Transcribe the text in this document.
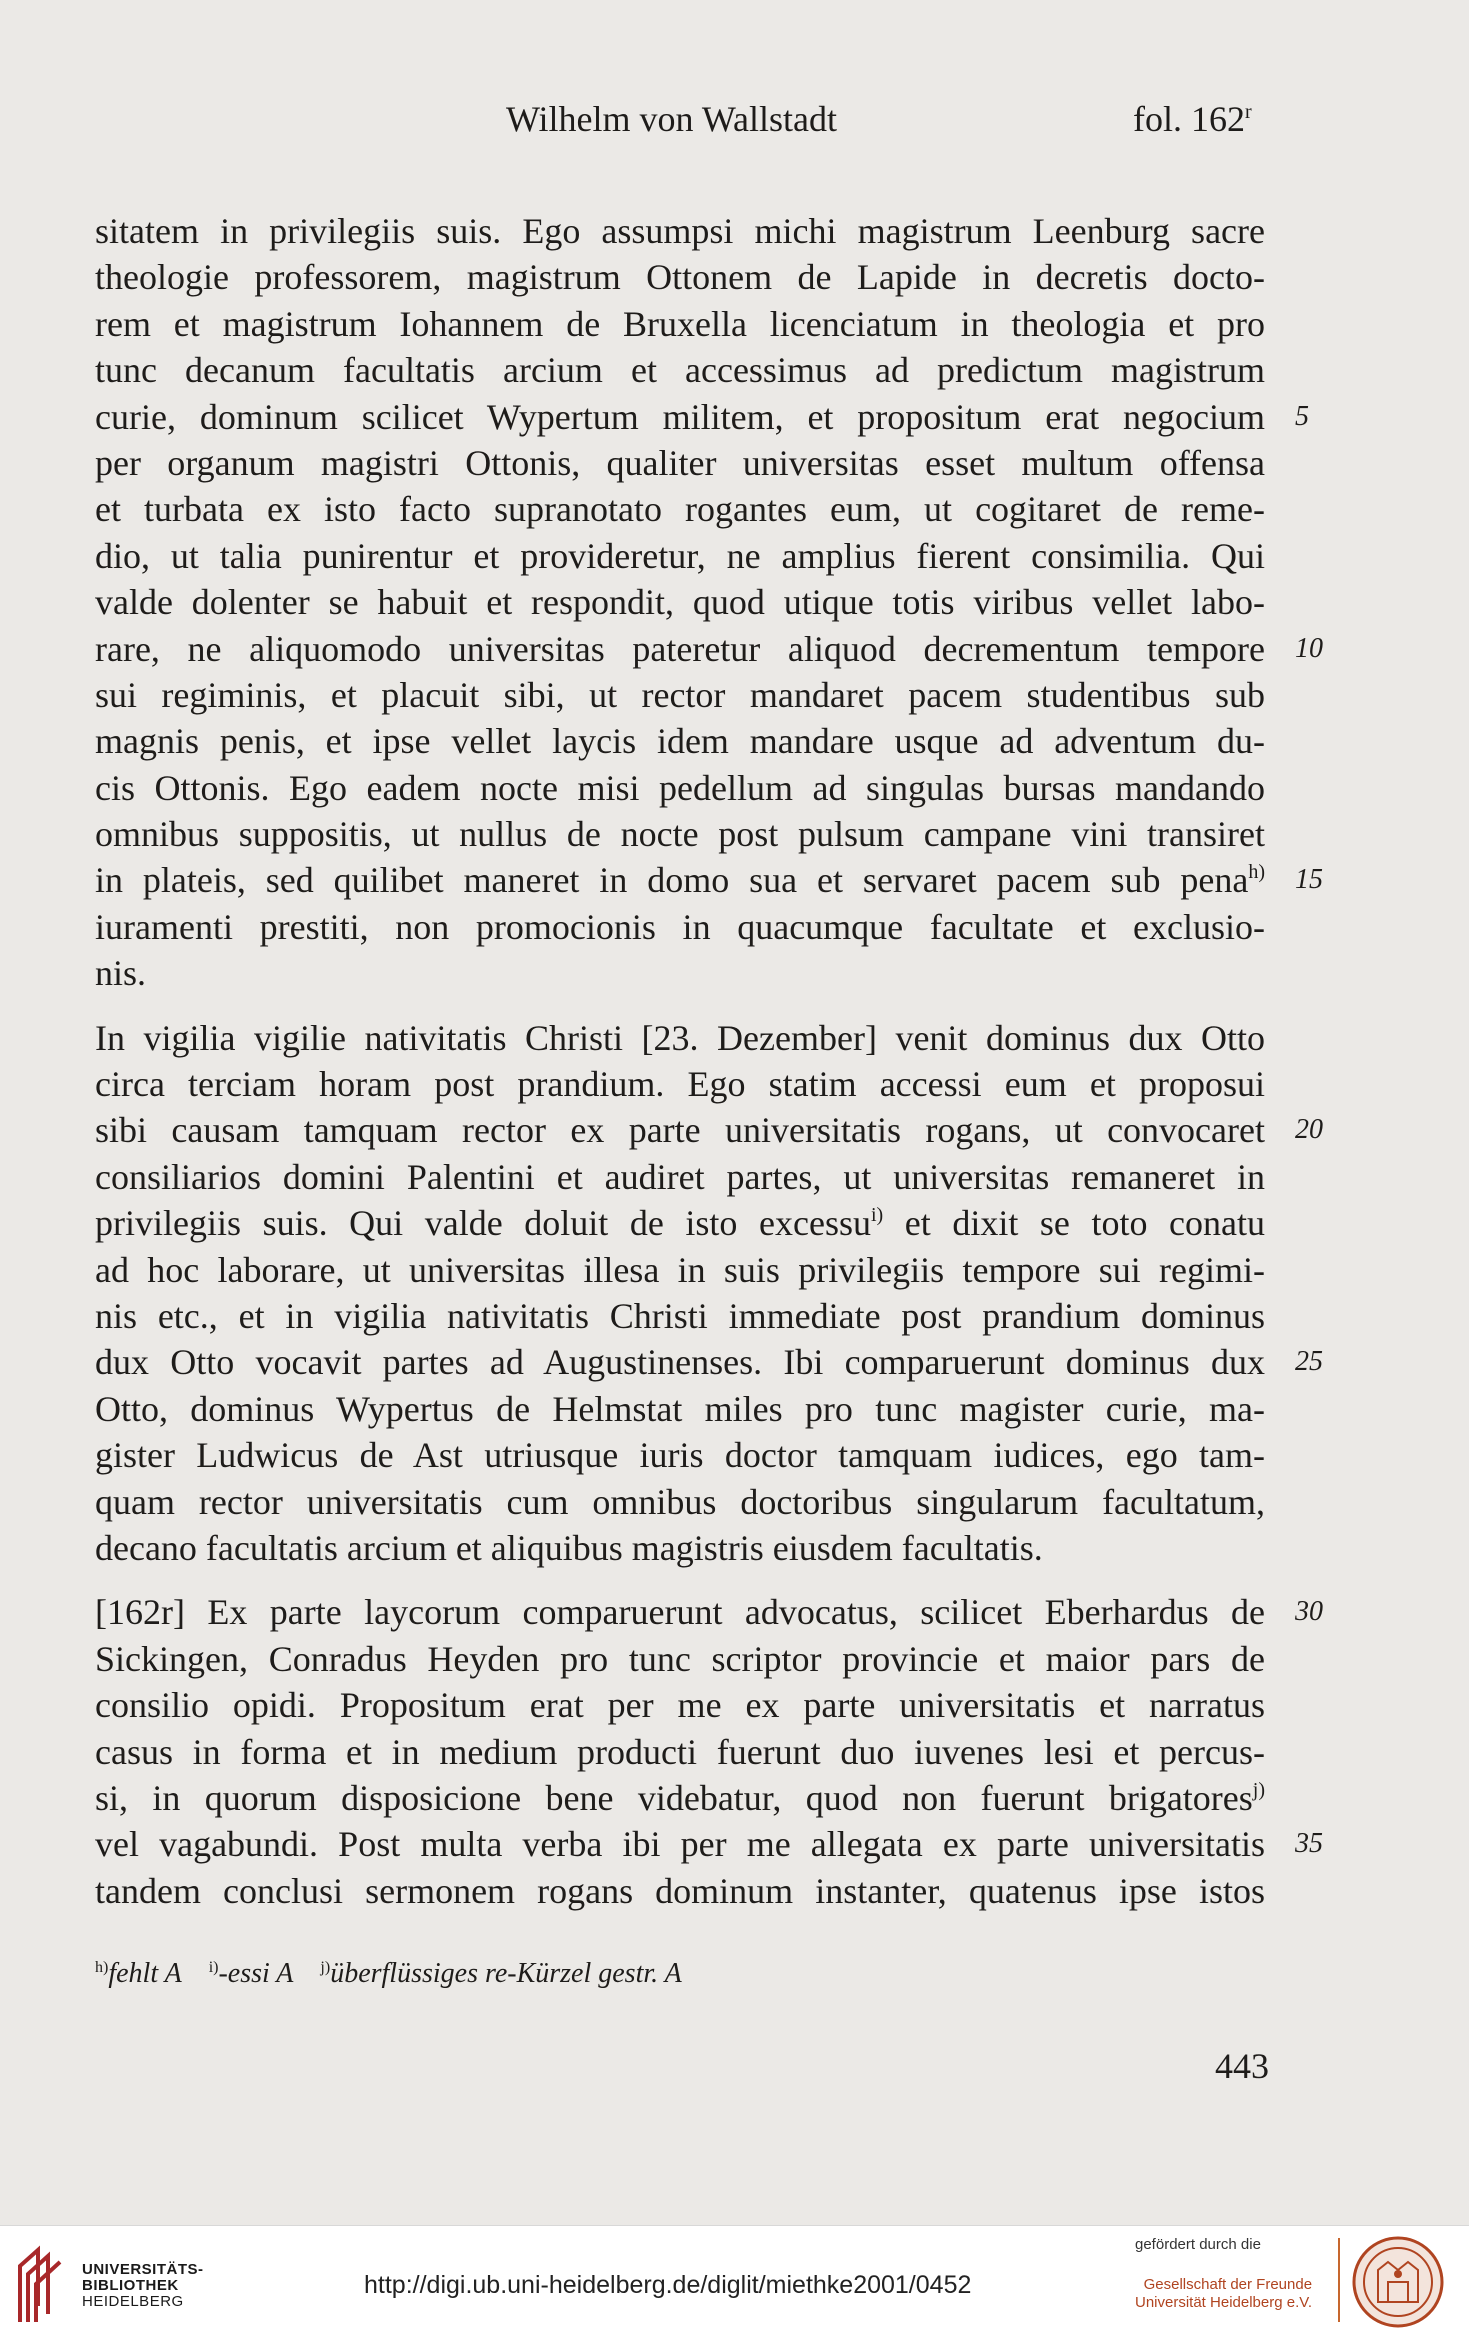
Wilhelm von Wallstadt	fol. 162$^r$
sitatem in privilegiis suis. Ego assumpsi michi magistrum Leenburg sacre
theologie professorem, magistrum Ottonem de Lapide in decretis docto-
rem et magistrum Iohannem de Bruxella licenciatum in theologia et pro
tunc decanum facultatis arcium et accessimus ad predictum magistrum
curie, dominum scilicet Wypertum militem, et propositum erat negocium 5
per organum magistri Ottonis, qualiter universitas esset multum offensa
et turbata ex isto facto supranotato rogantes eum, ut cogitaret de reme-
dio, ut talia punirentur et provideretur, ne amplius fierent consimilia. Qui
valde dolenter se habuit et respondit, quod utique totis viribus vellet labo-
rare, ne aliquomodo universitas pateretur aliquod decrementum tempore 10
sui regiminis, et placuit sibi, ut rector mandaret pacem studentibus sub
magnis penis, et ipse vellet laycis idem mandare usque ad adventum du-
cis Ottonis. Ego eadem nocte misi pedellum ad singulas bursas mandando
omnibus suppositis, ut nullus de nocte post pulsum campane vini transiret
in plateis, sed quilibet maneret in domo sua et servaret pacem sub pena$^{h)}$ 15
iuramenti prestiti, non promocionis in quacumque facultate et exclusio-
nis.
In vigilia vigilie nativitatis Christi [23. Dezember] venit dominus dux Otto
circa terciam horam post prandium. Ego statim accessi eum et proposui
sibi causam tamquam rector ex parte universitatis rogans, ut convocaret 20
consiliarios domini Palentini et audiret partes, ut universitas remaneret in
privilegiis suis. Qui valde doluit de isto excessu$^{i)}$ et dixit se toto conatu
ad hoc laborare, ut universitas illesa in suis privilegiis tempore sui regimi-
nis etc., et in vigilia nativitatis Christi immediate post prandium dominus
dux Otto vocavit partes ad Augustinenses. Ibi comparuerunt dominus dux 25
Otto, dominus Wypertus de Helmstat miles pro tunc magister curie, ma-
gister Ludwicus de Ast utriusque iuris doctor tamquam iudices, ego tam-
quam rector universitatis cum omnibus doctoribus singularum facultatum,
decano facultatis arcium et aliquibus magistris eiusdem facultatis.
[162r] Ex parte laycorum comparuerunt advocatus, scilicet Eberhardus de 30
Sickingen, Conradus Heyden pro tunc scriptor provincie et maior pars de
consilio opidi. Propositum erat per me ex parte universitatis et narratus
casus in forma et in medium producti fuerunt duo iuvenes lesi et percus-
si, in quorum disposicione bene videbatur, quod non fuerunt brigatores$^{j)}$
vel vagabundi. Post multa verba ibi per me allegata ex parte universitatis 35
tandem conclusi sermonem rogans dominum instanter, quatenus ipse istos
$^{h)}$fehlt A $^{i)}$-essi A $^{j)}$überflüssiges re-Kürzel gestr. A
443
UNIVERSITÄTS-
BIBLIOTHEK
HEIDELBERG
http://digi.ub.uni-heidelberg.de/diglit/miethke2001/0452
gefördert durch die
Gesellschaft der Freunde
Universität Heidelberg e.V.
